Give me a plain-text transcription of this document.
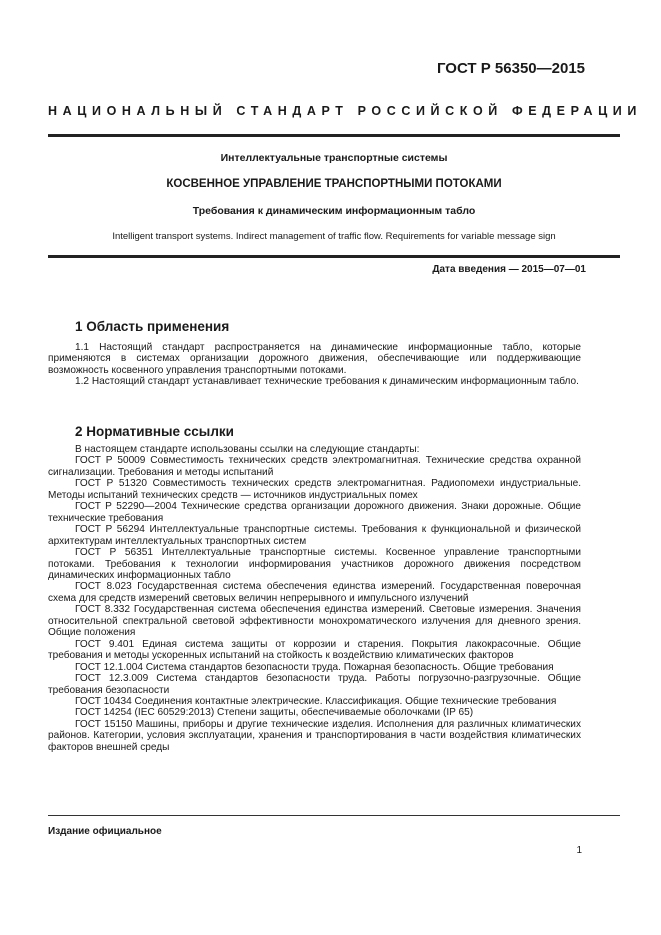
ГОСТ Р 56350—2015
НАЦИОНАЛЬНЫЙ СТАНДАРТ РОССИЙСКОЙ ФЕДЕРАЦИИ
Интеллектуальные транспортные системы
КОСВЕННОЕ УПРАВЛЕНИЕ ТРАНСПОРТНЫМИ ПОТОКАМИ
Требования к динамическим информационным табло
Intelligent transport systems. Indirect management of traffic flow. Requirements for variable message sign
Дата введения — 2015—07—01
1 Область применения

1.1 Настоящий стандарт распространяется на динамические информационные табло, которые применяются в системах организации дорожного движения, обеспечивающие или поддерживающие возможность косвенного управления транспортными потоками.

1.2 Настоящий стандарт устанавливает технические требования к динамическим информационным табло.

2 Нормативные ссылки

В настоящем стандарте использованы ссылки на следующие стандарты:

ГОСТ Р 50009 Совместимость технических средств электромагнитная. Технические средства охранной сигнализации. Требования и методы испытаний

ГОСТ Р 51320 Совместимость технических средств электромагнитная. Радиопомехи индустриальные. Методы испытаний технических средств — источников индустриальных помех

ГОСТ Р 52290—2004 Технические средства организации дорожного движения. Знаки дорожные. Общие технические требования

ГОСТ Р 56294 Интеллектуальные транспортные системы. Требования к функциональной и физической архитектурам интеллектуальных транспортных систем

ГОСТ Р 56351 Интеллектуальные транспортные системы. Косвенное управление транспортными потоками. Требования к технологии информирования участников дорожного движения посредством динамических информационных табло

ГОСТ 8.023 Государственная система обеспечения единства измерений. Государственная поверочная схема для средств измерений световых величин непрерывного и импульсного излучений

ГОСТ 8.332 Государственная система обеспечения единства измерений. Световые измерения. Значения относительной спектральной световой эффективности монохроматического излучения для дневного зрения. Общие положения

ГОСТ 9.401 Единая система защиты от коррозии и старения. Покрытия лакокрасочные. Общие требования и методы ускоренных испытаний на стойкость к воздействию климатических факторов

ГОСТ 12.1.004 Система стандартов безопасности труда. Пожарная безопасность. Общие требования

ГОСТ 12.3.009 Система стандартов безопасности труда. Работы погрузочно-разгрузочные. Общие требования безопасности

ГОСТ 10434 Соединения контактные электрические. Классификация. Общие технические требования

ГОСТ 14254 (IEC 60529:2013) Степени защиты, обеспечиваемые оболочками (IP 65)

ГОСТ 15150 Машины, приборы и другие технические изделия. Исполнения для различных климатических районов. Категории, условия эксплуатации, хранения и транспортирования в части воздействия климатических факторов внешней среды

Издание официальное
1
